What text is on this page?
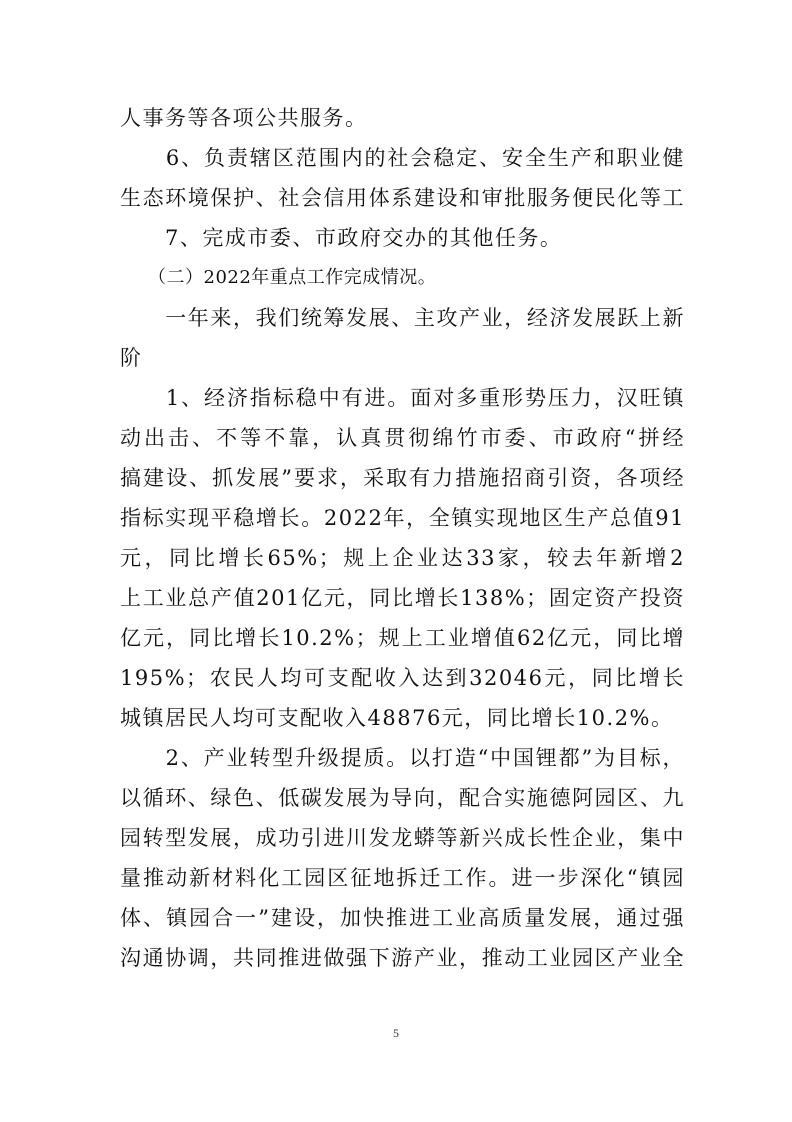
人事务等各项公共服务。
　　6、负责辖区范围内的社会稳定、安全生产和职业健
生态环境保护、社会信用体系建设和审批服务便民化等工
　　7、完成市委、市政府交办的其他任务。
　　（二）2022年重点工作完成情况。
　　一年来，我们统筹发展、主攻产业，经济发展跃上新
阶
　　1、经济指标稳中有进。面对多重形势压力，汉旺镇
动出击、不等不靠，认真贯彻绵竹市委、市政府“拼经
搞建设、抓发展”要求，采取有力措施招商引资，各项经
指标实现平稳增长。2022年，全镇实现地区生产总值91
元，同比增长65%；规上企业达33家，较去年新增2
上工业总产值201亿元，同比增长138%；固定资产投资
亿元，同比增长10.2%；规上工业增值62亿元，同比增
195%；农民人均可支配收入达到32046元，同比增长
城镇居民人均可支配收入48876元，同比增长10.2%。
　　2、产业转型升级提质。以打造“中国锂都”为目标，
以循环、绿色、低碳发展为导向，配合实施德阿园区、九
园转型发展，成功引进川发龙蟒等新兴成长性企业，集中
量推动新材料化工园区征地拆迁工作。进一步深化“镇园
体、镇园合一”建设，加快推进工业高质量发展，通过强
沟通协调，共同推进做强下游产业，推动工业园区产业全
5
